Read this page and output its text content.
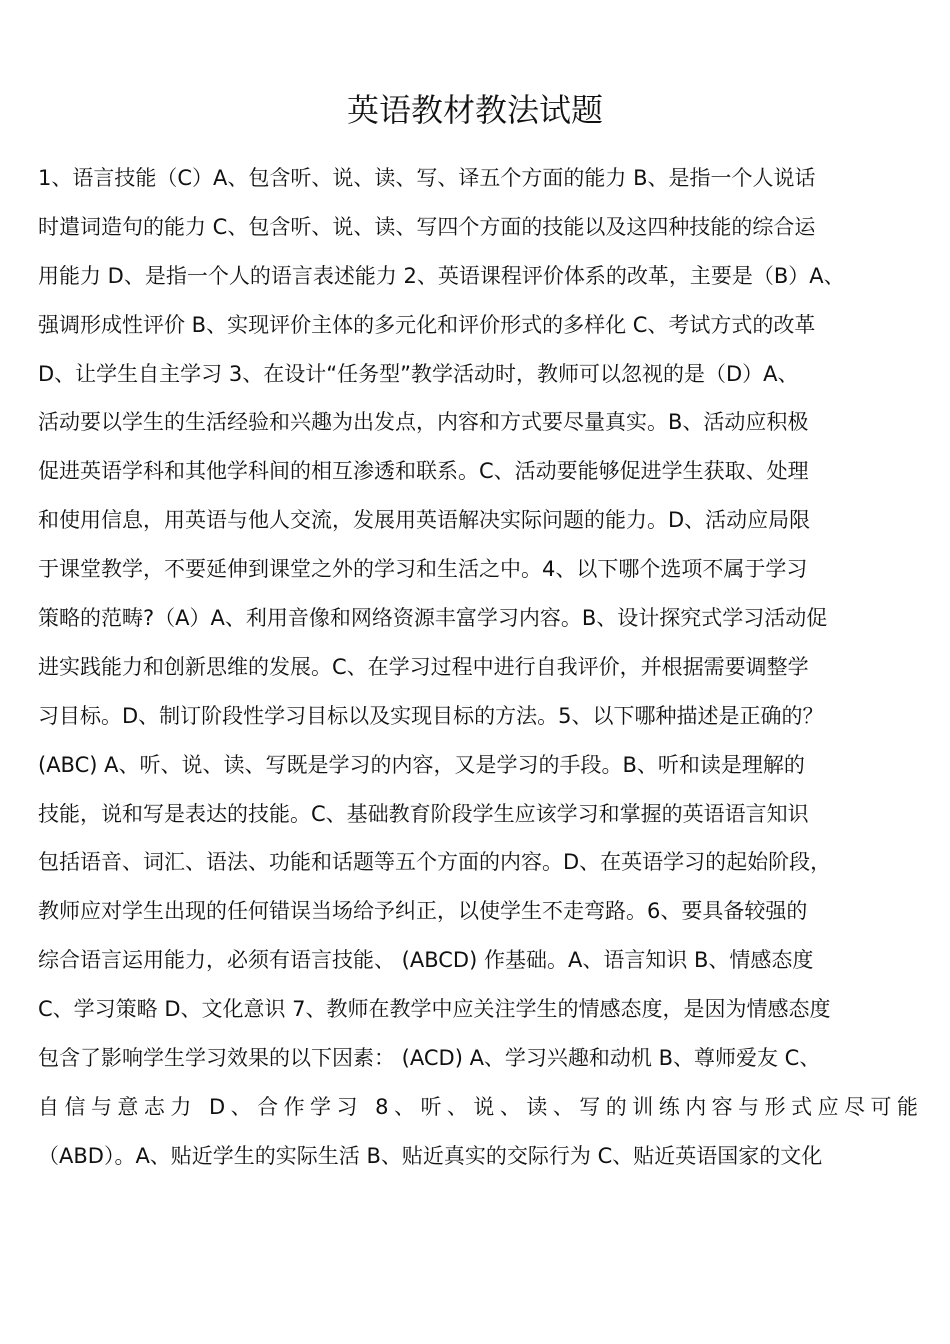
英语教材教法试题
1、语言技能（C）A、包含听、说、读、写、译五个方面的能力 B、是指一个人说话
时遣词造句的能力 C、包含听、说、读、写四个方面的技能以及这四种技能的综合运
用能力 D、是指一个人的语言表述能力 2、英语课程评价体系的改革，主要是（B）A、
强调形成性评价 B、实现评价主体的多元化和评价形式的多样化 C、考试方式的改革
D、让学生自主学习 3、在设计“任务型”教学活动时，教师可以忽视的是（D）A、
活动要以学生的生活经验和兴趣为出发点，内容和方式要尽量真实。B、活动应积极
促进英语学科和其他学科间的相互渗透和联系。C、活动要能够促进学生获取、处理
和使用信息，用英语与他人交流，发展用英语解决实际问题的能力。D、活动应局限
于课堂教学，不要延伸到课堂之外的学习和生活之中。4、以下哪个选项不属于学习
策略的范畴?（A）A、利用音像和网络资源丰富学习内容。B、设计探究式学习活动促
进实践能力和创新思维的发展。C、在学习过程中进行自我评价，并根据需要调整学
习目标。D、制订阶段性学习目标以及实现目标的方法。5、以下哪种描述是正确的？
(ABC) A、听、说、读、写既是学习的内容，又是学习的手段。B、听和读是理解的
技能，说和写是表达的技能。C、基础教育阶段学生应该学习和掌握的英语语言知识
包括语音、词汇、语法、功能和话题等五个方面的内容。D、在英语学习的起始阶段，
教师应对学生出现的任何错误当场给予纠正，以使学生不走弯路。6、要具备较强的
综合语言运用能力，必须有语言技能、 (ABCD) 作基础。A、语言知识 B、情感态度
C、学习策略 D、文化意识 7、教师在教学中应关注学生的情感态度，是因为情感态度
包含了影响学生学习效果的以下因素： (ACD) A、学习兴趣和动机 B、尊师爱友 C、
自信与意志力 D、合作学习 8、听、说、读、写的训练内容与形式应尽可能
（ABD）。A、贴近学生的实际生活 B、贴近真实的交际行为 C、贴近英语国家的文化
